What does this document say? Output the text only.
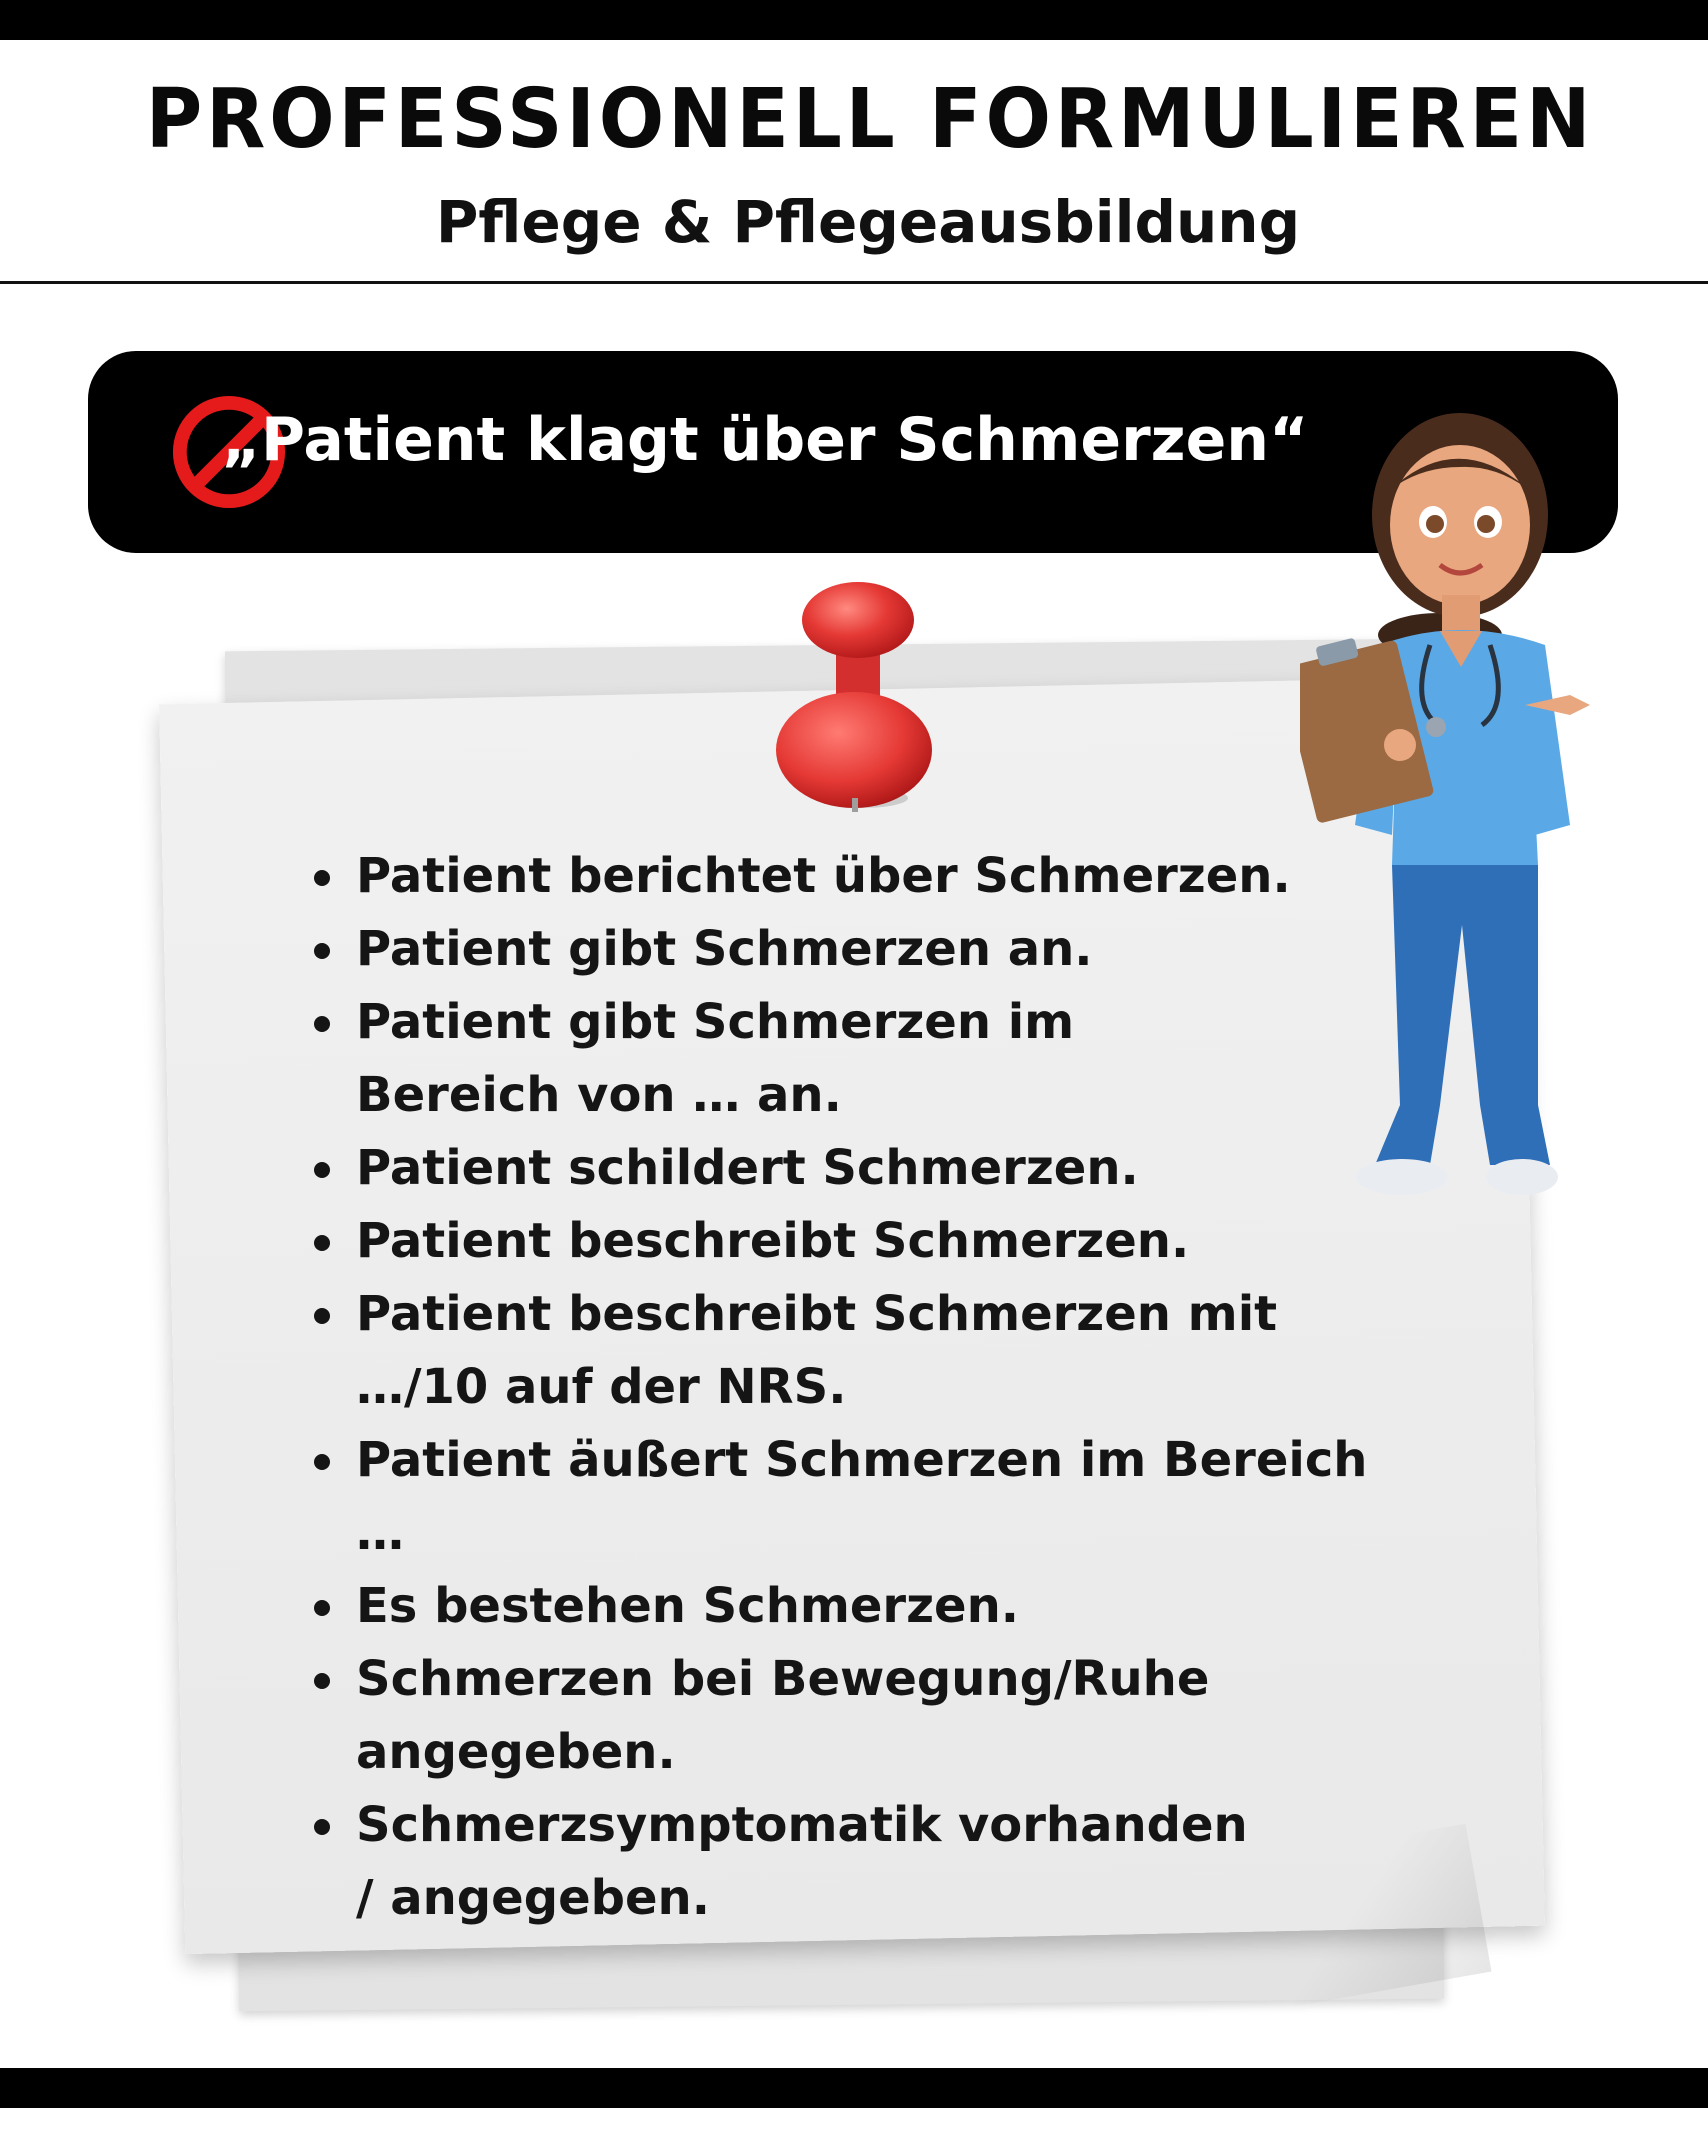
PROFESSIONELL FORMULIEREN
Pflege & Pflegeausbildung
„Patient klagt über Schmerzen“
Patient berichtet über Schmerzen.
Patient gibt Schmerzen an.
Patient gibt Schmerzen im Bereich von … an.
Patient schildert Schmerzen.
Patient beschreibt Schmerzen.
Patient beschreibt Schmerzen mit …/10 auf der NRS.
Patient äußert Schmerzen im Bereich …
Es bestehen Schmerzen.
Schmerzen bei Bewegung/Ruhe angegeben.
Schmerzsymptomatik vorhanden / angegeben.
